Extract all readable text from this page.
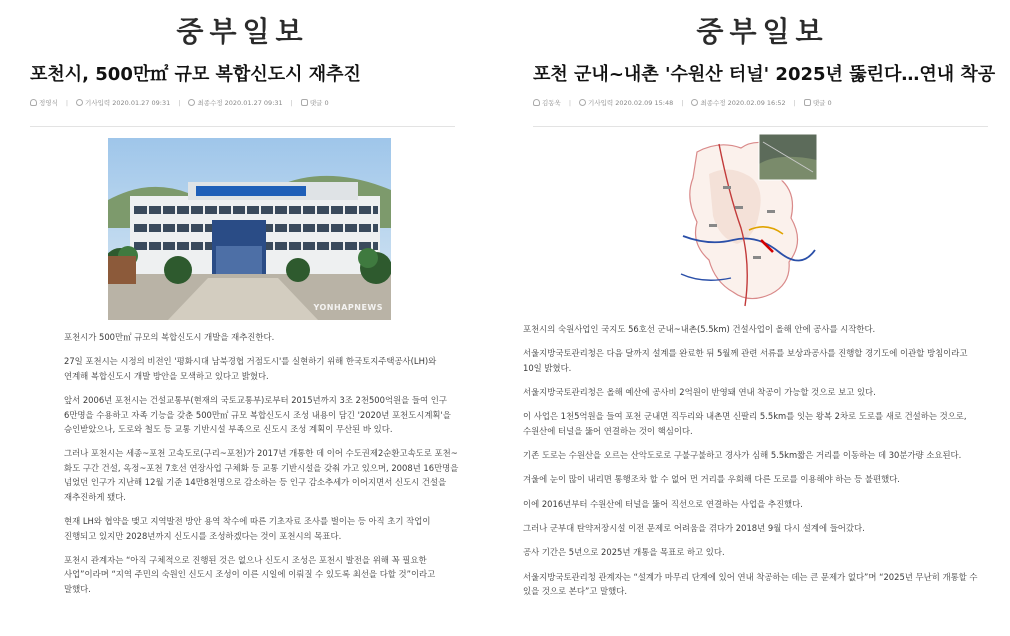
중부일보
포천시, 500만㎡ 규모 복합신도시 재추진
정영식 |	기사입력 2020.01.27 09:31 |	최종수정 2020.01.27 09:31 |	댓글 0
YONHAPNEWS

포천시가 500만㎡ 규모의 복합신도시 개발을 재추진한다.

27일 포천시는 시정의 비전인 '평화시대 남북경협 거점도시'를 실현하기 위해 한국토지주택공사(LH)와 연계해 복합신도시 개발 방안을 모색하고 있다고 밝혔다.

앞서 2006년 포천시는 건설교통부(현재의 국토교통부)로부터 2015년까지 3조 2천500억원을 들여 인구 6만명을 수용하고 자족 기능을 갖춘 500만㎡ 규모 복합신도시 조성 내용이 담긴 '2020년 포천도시계획'을 승인받았으나, 도로와 철도 등 교통 기반시설 부족으로 신도시 조성 계획이 무산된 바 있다.

그러나 포천시는 세종~포천 고속도로(구리~포천)가 2017년 개통한 데 이어 수도권제2순환고속도로 포천~화도 구간 건설, 옥정~포천 7호선 연장사업 구체화 등 교통 기반시설을 갖춰 가고 있으며, 2008년 16만명을 넘었던 인구가 지난해 12월 기준 14만8천명으로 감소하는 등 인구 감소추세가 이어지면서 신도시 건설을 재추진하게 됐다.

현재 LH와 협약을 맺고 지역발전 방안 용역 착수에 따른 기초자료 조사를 벌이는 등 아직 초기 작업이 진행되고 있지만 2028년까지 신도시를 조성하겠다는 것이 포천시의 목표다.

포천시 관계자는 “아직 구체적으로 진행된 것은 없으나 신도시 조성은 포천시 발전을 위해 꼭 필요한 사업”이라며 “지역 주민의 숙원인 신도시 조성이 이른 시일에 이뤄질 수 있도록 최선을 다할 것”이라고 말했다.

중부일보
포천 군내~내촌 '수원산 터널' 2025년 뚫린다…연내 착공
김동욱 |	기사입력 2020.02.09 15:48 |	최종수정 2020.02.09 16:52 |	댓글 0

포천시의 숙원사업인 국지도 56호선 군내~내촌(5.5km) 건설사업이 올해 안에 공사를 시작한다.

서울지방국토관리청은 다음 달까지 설계를 완료한 뒤 5월께 관련 서류를 보상과공사를 진행할 경기도에 이관할 방침이라고 10일 밝혔다.

서울지방국토관리청은 올해 예산에 공사비 2억원이 반영돼 연내 착공이 가능할 것으로 보고 있다.

이 사업은 1천5억원을 들여 포천 군내면 직두리와 내촌면 신팔리 5.5km를 잇는 왕복 2차로 도로를 새로 건설하는 것으로, 수원산에 터널을 뚫어 연결하는 것이 핵심이다.

기존 도로는 수원산을 오르는 산악도로로 구불구불하고 경사가 심해 5.5km짧은 거리를 이동하는 데 30분가량 소요된다.

겨울에 눈이 많이 내리면 통행조차 할 수 없어 먼 거리를 우회해 다른 도로를 이용해야 하는 등 불편했다.

이에 2016년부터 수원산에 터널을 뚫어 직선으로 연결하는 사업을 추진했다.

그러나 군부대 탄약저장시설 이전 문제로 어려움을 겪다가 2018년 9월 다시 설계에 들어갔다.

공사 기간은 5년으로 2025년 개통을 목표로 하고 있다.

서울지방국토관리청 관계자는 “설계가 마무리 단계에 있어 연내 착공하는 데는 큰 문제가 없다”며 “2025년 무난히 개통할 수 있을 것으로 본다”고 말했다.
